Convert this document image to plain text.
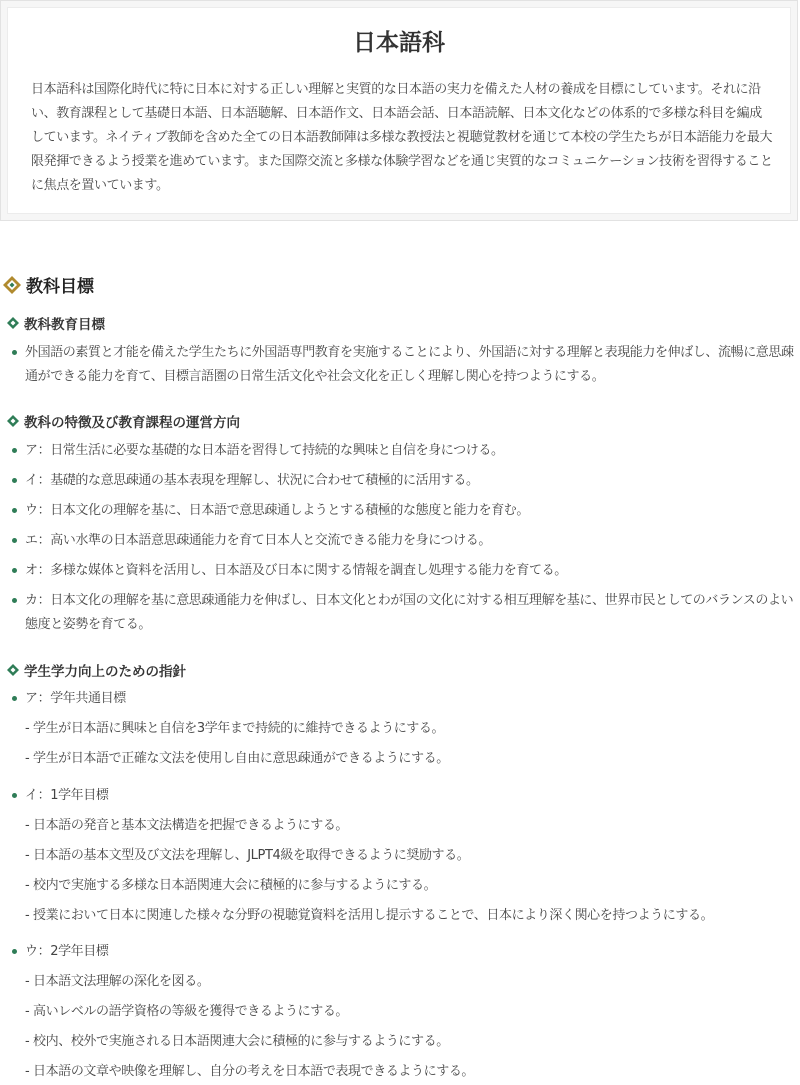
日本語科

日本語科は国際化時代に特に日本に対する正しい理解と実質的な日本語の実力を備えた人材の養成を目標にしています。それに沿い、教育課程として基礎日本語、日本語聴解、日本語作文、日本語会話、日本語読解、日本文化などの体系的で多様な科目を編成しています。ネイティブ教師を含めた全ての日本語教師陣は多様な教授法と視聴覚教材を通じて本校の学生たちが日本語能力を最大限発揮できるよう授業を進めています。また国際交流と多様な体験学習などを通じ実質的なコミュニケーション技術を習得することに焦点を置いています。

教科目標
教科教育目標
外国語の素質と才能を備えた学生たちに外国語専門教育を実施することにより、外国語に対する理解と表現能力を伸ばし、流暢に意思疎通ができる能力を育て、目標言語圏の日常生活文化や社会文化を正しく理解し関心を持つようにする。
教科の特徴及び教育課程の運営方向
ア：日常生活に必要な基礎的な日本語を習得して持続的な興味と自信を身につける。
イ：基礎的な意思疎通の基本表現を理解し、状況に合わせて積極的に活用する。
ウ：日本文化の理解を基に、日本語で意思疎通しようとする積極的な態度と能力を育む。
エ：高い水準の日本語意思疎通能力を育て日本人と交流できる能力を身につける。
オ：多様な媒体と資料を活用し、日本語及び日本に関する情報を調査し処理する能力を育てる。
カ：日本文化の理解を基に意思疎通能力を伸ばし、日本文化とわが国の文化に対する相互理解を基に、世界市民としてのバランスのよい態度と姿勢を育てる。
学生学力向上のための指針
ア：学年共通目標
- 学生が日本語に興味と自信を3学年まで持続的に維持できるようにする。
- 学生が日本語で正確な文法を使用し自由に意思疎通ができるようにする。
イ：1学年目標
- 日本語の発音と基本文法構造を把握できるようにする。
- 日本語の基本文型及び文法を理解し、JLPT4級を取得できるように奨励する。
- 校内で実施する多様な日本語関連大会に積極的に参与するようにする。
- 授業において日本に関連した様々な分野の視聴覚資料を活用し提示することで、日本により深く関心を持つようにする。
ウ：2学年目標
- 日本語文法理解の深化を図る。
- 高いレベルの語学資格の等級を獲得できるようにする。
- 校内、校外で実施される日本語関連大会に積極的に参与するようにする。
- 日本語の文章や映像を理解し、自分の考えを日本語で表現できるようにする。
